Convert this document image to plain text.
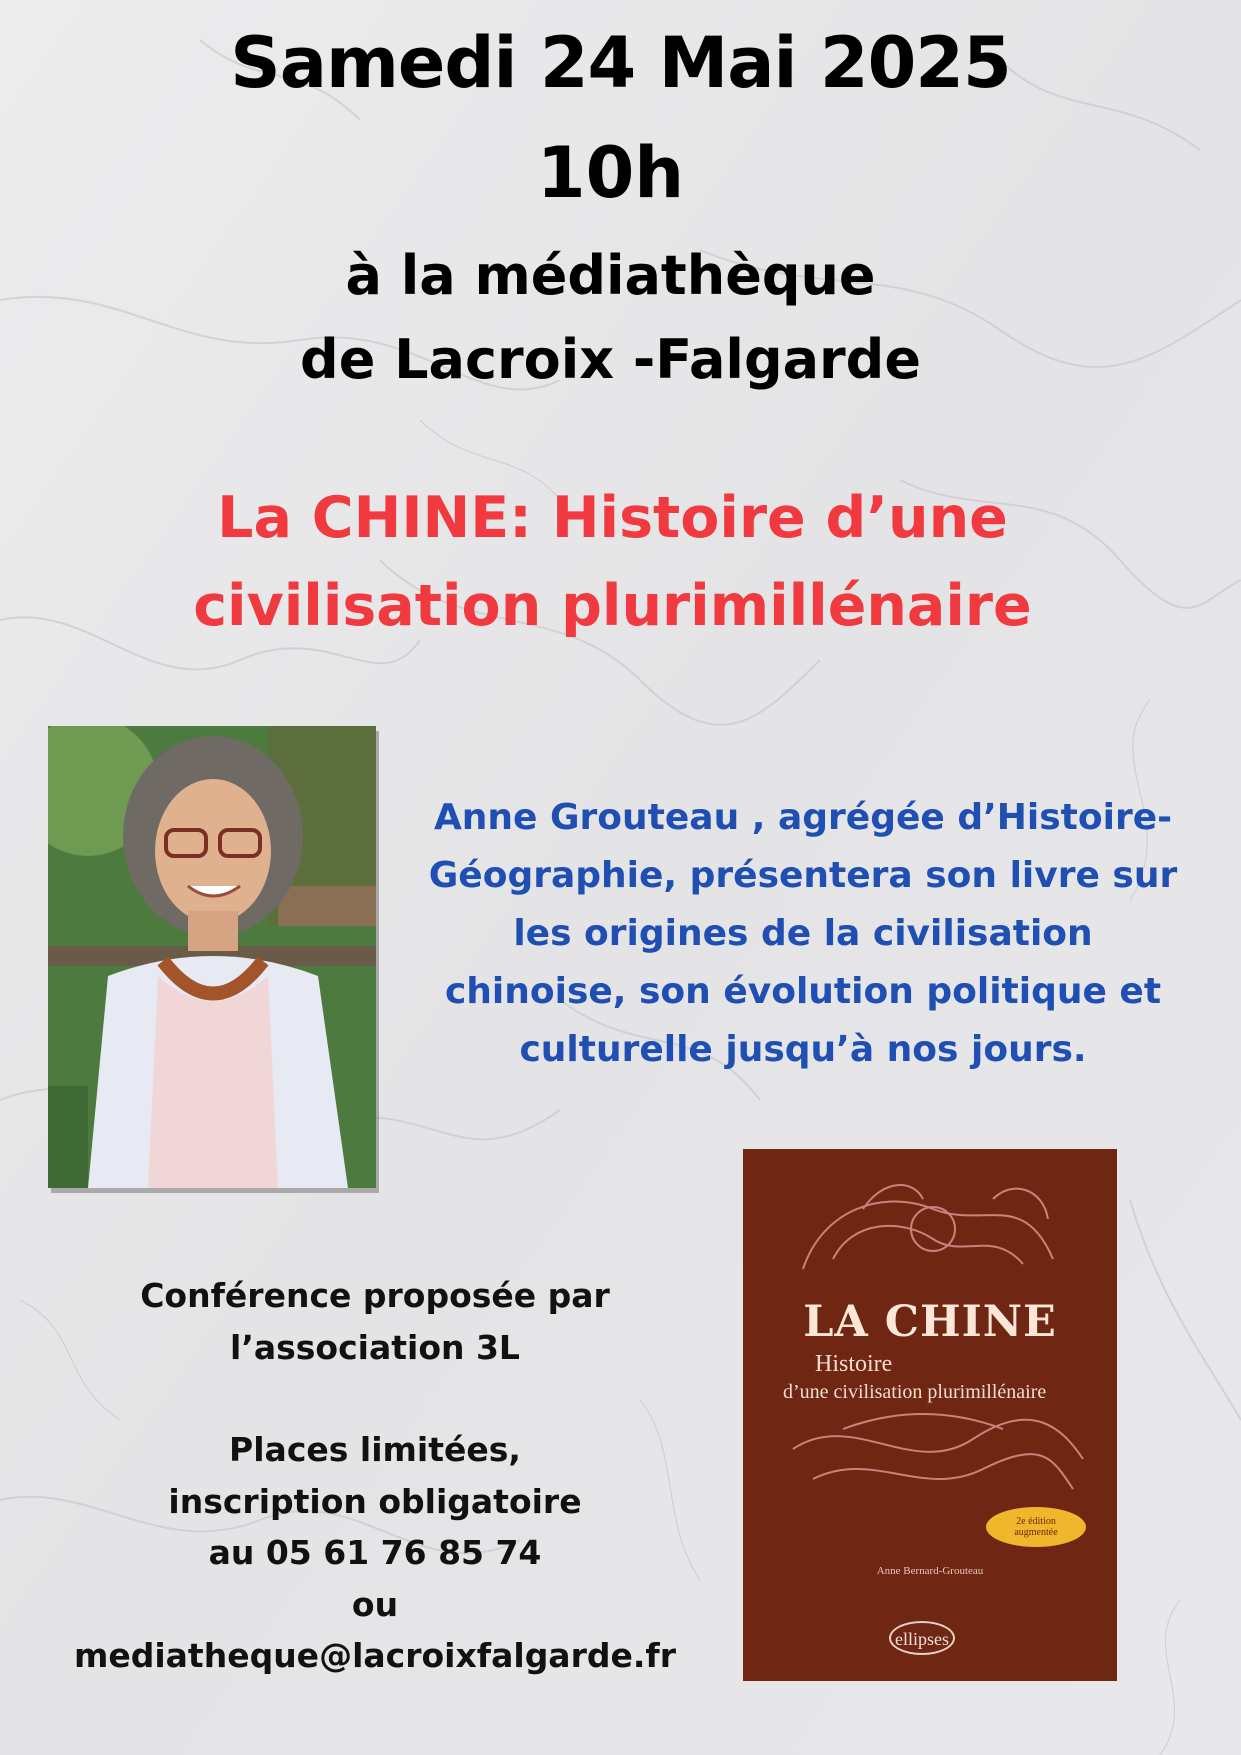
Samedi 24 Mai 2025
10h
à la médiathèque
de Lacroix -Falgarde
La CHINE: Histoire d’une
civilisation plurimillénaire
Anne Grouteau , agrégée d’Histoire-
Géographie, présentera son livre sur
les origines de la civilisation
chinoise, son évolution politique et
culturelle jusqu’à nos jours.

Conférence proposée par

l’association 3L

Places limitées,

inscription obligatoire

au 05 61 76 85 74

ou

mediatheque@lacroixfalgarde.fr

LA CHINE
Histoire
d’une civilisation plurimillénaire
2e édition
augmentée
Anne Bernard-Grouteau
ellipses
